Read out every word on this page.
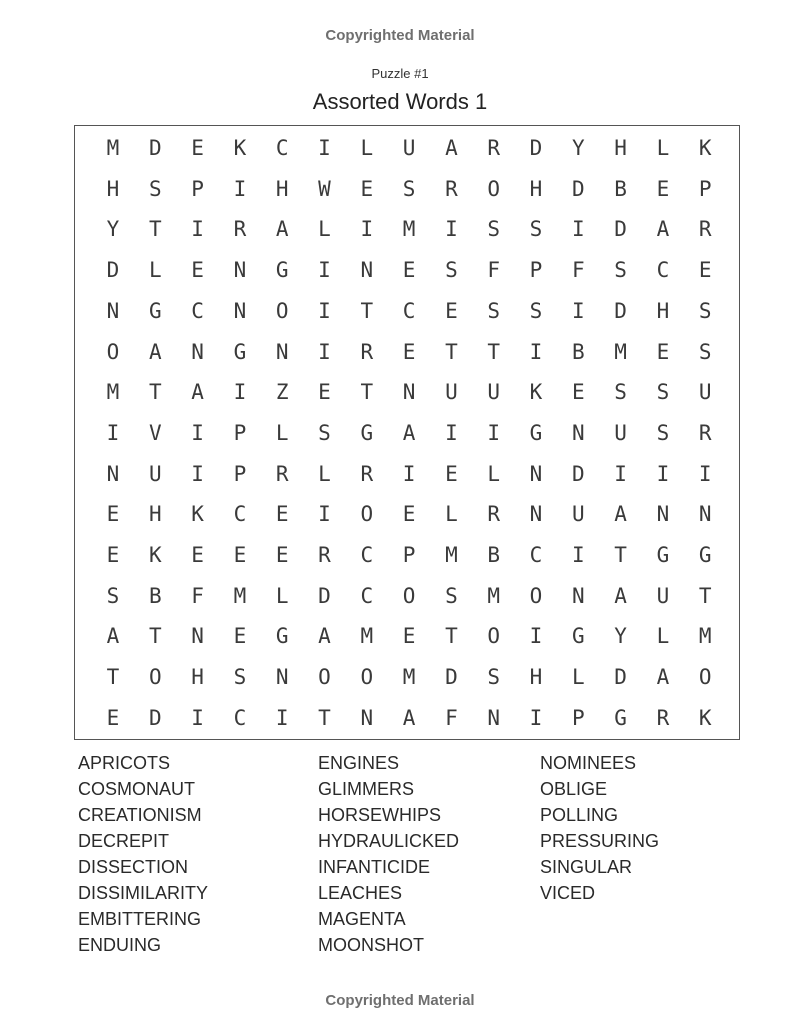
Copyrighted Material
Puzzle #1
Assorted Words 1
M	D	E	K	C	I	L	U	A	R	D	Y	H	L	K
H	S	P	I	H	W	E	S	R	O	H	D	B	E	P
Y	T	I	R	A	L	I	M	I	S	S	I	D	A	R
D	L	E	N	G	I	N	E	S	F	P	F	S	C	E
N	G	C	N	O	I	T	C	E	S	S	I	D	H	S
O	A	N	G	N	I	R	E	T	T	I	B	M	E	S
M	T	A	I	Z	E	T	N	U	U	K	E	S	S	U
I	V	I	P	L	S	G	A	I	I	G	N	U	S	R
N	U	I	P	R	L	R	I	E	L	N	D	I	I	I
E	H	K	C	E	I	O	E	L	R	N	U	A	N	N
E	K	E	E	E	R	C	P	M	B	C	I	T	G	G
S	B	F	M	L	D	C	O	S	M	O	N	A	U	T
A	T	N	E	G	A	M	E	T	O	I	G	Y	L	M
T	O	H	S	N	O	O	M	D	S	H	L	D	A	O
E	D	I	C	I	T	N	A	F	N	I	P	G	R	K
APRICOTS
COSMONAUT
CREATIONISM
DECREPIT
DISSECTION
DISSIMILARITY
EMBITTERING
ENDUING
ENGINES
GLIMMERS
HORSEWHIPS
HYDRAULICKED
INFANTICIDE
LEACHES
MAGENTA
MOONSHOT
NOMINEES
OBLIGE
POLLING
PRESSURING
SINGULAR
VICED
Copyrighted Material
